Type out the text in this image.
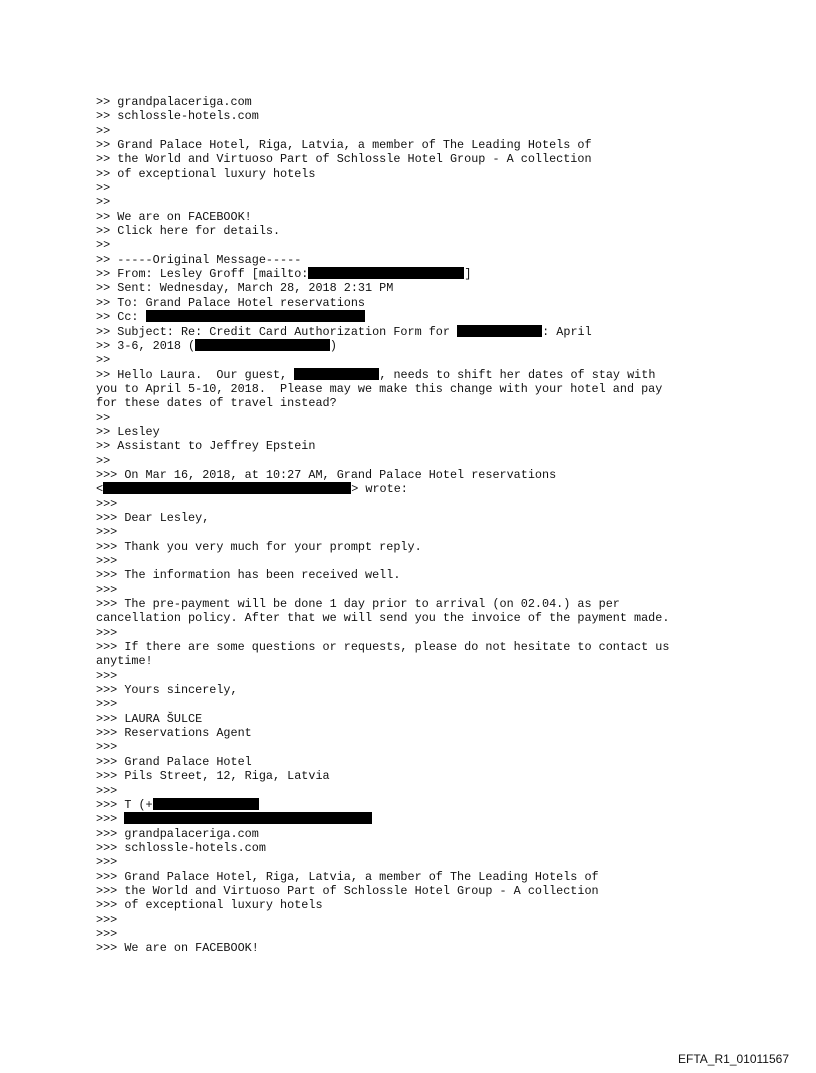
>> grandpalaceriga.com
>> schlossle-hotels.com
>>
>> Grand Palace Hotel, Riga, Latvia, a member of The Leading Hotels of
>> the World and Virtuoso Part of Schlossle Hotel Group - A collection
>> of exceptional luxury hotels
>>
>>
>> We are on FACEBOOK!
>> Click here for details.
>>
>> -----Original Message-----
>> From: Lesley Groff [mailto:	]
>> Sent: Wednesday, March 28, 2018 2:31 PM
>> To: Grand Palace Hotel reservations
>> Cc:
>> Subject: Re: Credit Card Authorization Form for	: April
>> 3-6, 2018 (	)
>>
>> Hello Laura.  Our guest,	, needs to shift her dates of stay with
you to April 5-10, 2018.  Please may we make this change with your hotel and pay
for these dates of travel instead?
>>
>> Lesley
>> Assistant to Jeffrey Epstein
>>
>>> On Mar 16, 2018, at 10:27 AM, Grand Palace Hotel reservations
<	> wrote:
>>>
>>> Dear Lesley,
>>>
>>> Thank you very much for your prompt reply.
>>>
>>> The information has been received well.
>>>
>>> The pre-payment will be done 1 day prior to arrival (on 02.04.) as per
cancellation policy. After that we will send you the invoice of the payment made.
>>>
>>> If there are some questions or requests, please do not hesitate to contact us
anytime!
>>>
>>> Yours sincerely,
>>>
>>> LAURA ŠULCE
>>> Reservations Agent
>>>
>>> Grand Palace Hotel
>>> Pils Street, 12, Riga, Latvia
>>>
>>> T (+
>>>
>>> grandpalaceriga.com
>>> schlossle-hotels.com
>>>
>>> Grand Palace Hotel, Riga, Latvia, a member of The Leading Hotels of
>>> the World and Virtuoso Part of Schlossle Hotel Group - A collection
>>> of exceptional luxury hotels
>>>
>>>
>>> We are on FACEBOOK!
EFTA_R1_01011567
